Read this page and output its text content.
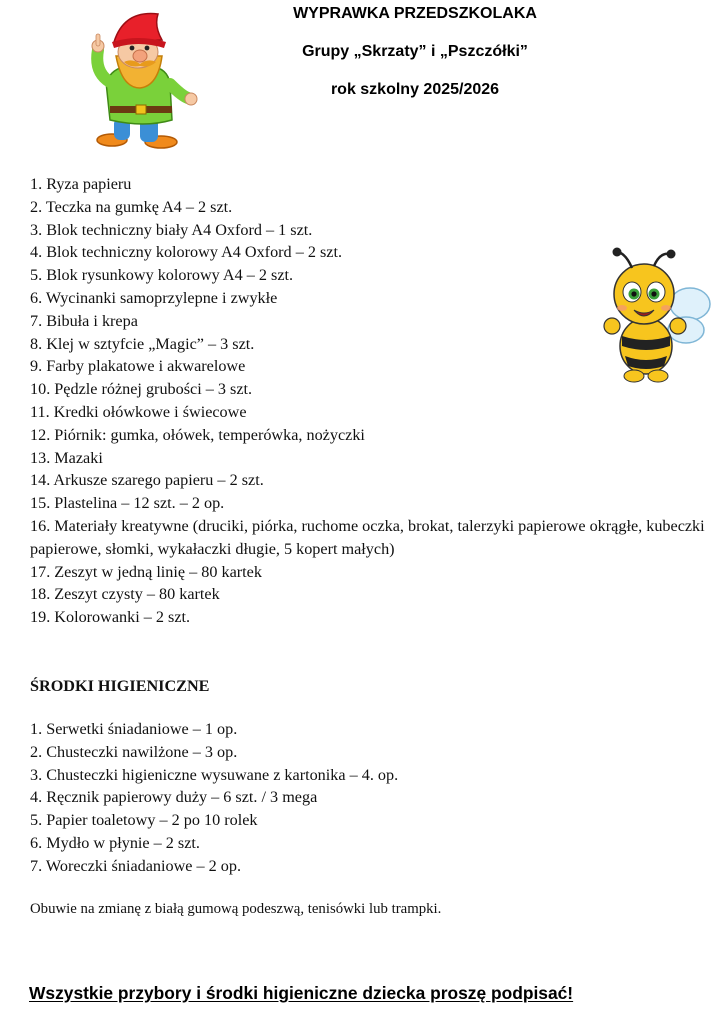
WYPRAWKA PRZEDSZKOLAKA
Grupy „Skrzaty” i „Pszczółki”
rok szkolny 2025/2026
1. Ryza papieru
2. Teczka na gumkę A4 – 2 szt.
3. Blok techniczny biały A4 Oxford – 1 szt.
4. Blok techniczny kolorowy A4 Oxford – 2 szt.
5. Blok rysunkowy kolorowy A4 – 2 szt.
6. Wycinanki samoprzylepne i zwykłe
7. Bibuła i krepa
8. Klej w sztyfcie „Magic” – 3 szt.
9. Farby plakatowe i akwarelowe
10. Pędzle różnej grubości – 3 szt.
11. Kredki ołówkowe i świecowe
12. Piórnik: gumka, ołówek, temperówka, nożyczki
13. Mazaki
14. Arkusze szarego papieru – 2 szt.
15. Plastelina – 12 szt. – 2 op.
16. Materiały kreatywne (druciki, piórka, ruchome oczka, brokat, talerzyki papierowe okrągłe, kubeczki papierowe, słomki, wykałaczki długie, 5 kopert małych)
17. Zeszyt w jedną linię – 80 kartek
18. Zeszyt czysty – 80 kartek
19. Kolorowanki – 2 szt.
ŚRODKI HIGIENICZNE
1. Serwetki śniadaniowe – 1 op.
2. Chusteczki nawilżone – 3 op.
3. Chusteczki higieniczne wysuwane z kartonika – 4. op.
4. Ręcznik papierowy duży – 6 szt. / 3 mega
5. Papier toaletowy – 2 po 10 rolek
6. Mydło w płynie – 2 szt.
7. Woreczki śniadaniowe – 2 op.
Obuwie na zmianę z białą gumową podeszwą, tenisówki lub trampki.
Wszystkie przybory i środki higieniczne dziecka proszę podpisać!
